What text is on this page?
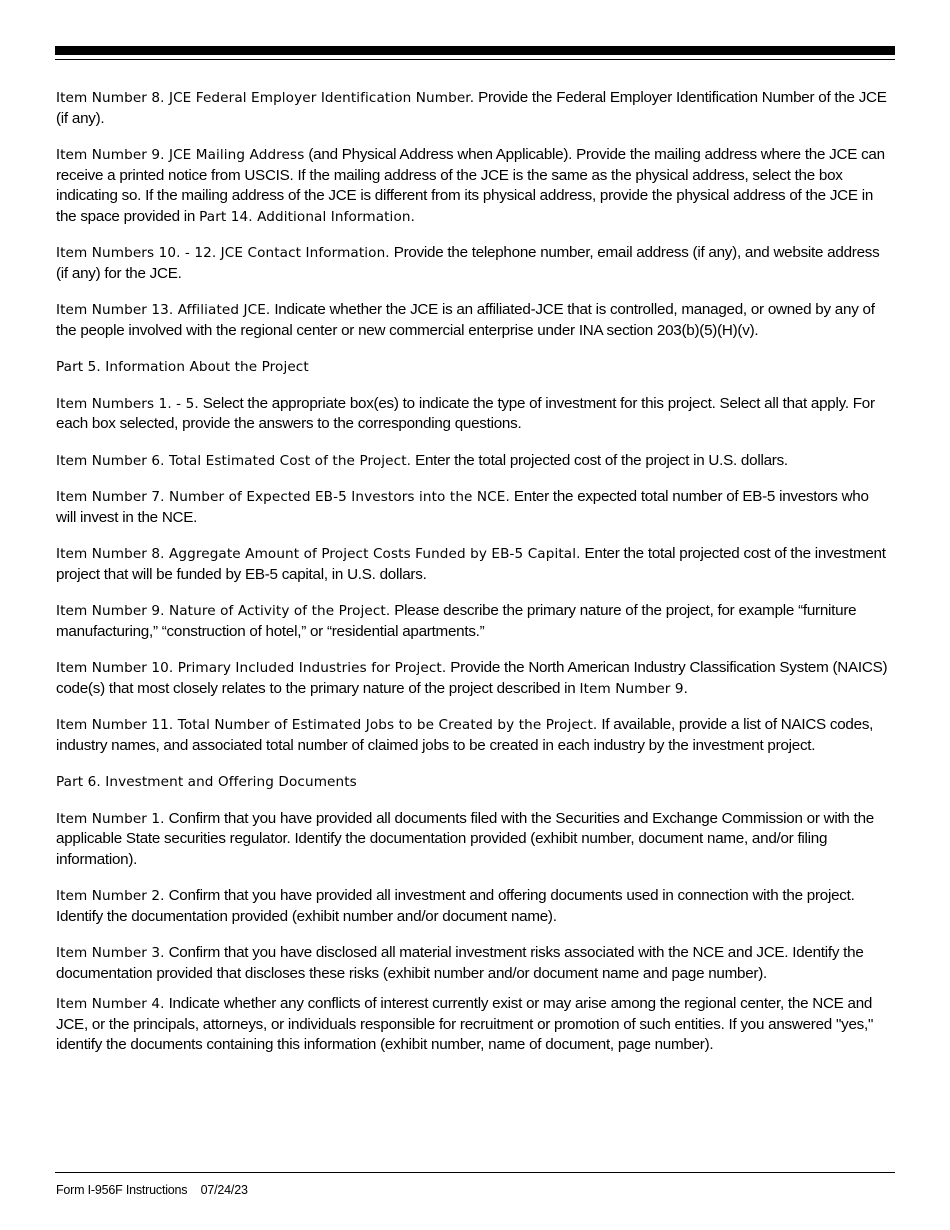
Item Number 8. JCE Federal Employer Identification Number. Provide the Federal Employer Identification Number of the JCE (if any).

Item Number 9. JCE Mailing Address (and Physical Address when Applicable). Provide the mailing address where the JCE can receive a printed notice from USCIS. If the mailing address of the JCE is the same as the physical address, select the box indicating so. If the mailing address of the JCE is different from its physical address, provide the physical address of the JCE in the space provided in Part 14. Additional Information.

Item Numbers 10. - 12. JCE Contact Information. Provide the telephone number, email address (if any), and website address (if any) for the JCE.

Item Number 13. Affiliated JCE. Indicate whether the JCE is an affiliated-JCE that is controlled, managed, or owned by any of the people involved with the regional center or new commercial enterprise under INA section 203(b)(5)(H)(v).

Part 5. Information About the Project

Item Numbers 1. - 5. Select the appropriate box(es) to indicate the type of investment for this project. Select all that apply. For each box selected, provide the answers to the corresponding questions.

Item Number 6. Total Estimated Cost of the Project. Enter the total projected cost of the project in U.S. dollars.

Item Number 7. Number of Expected EB-5 Investors into the NCE. Enter the expected total number of EB-5 investors who will invest in the NCE.

Item Number 8. Aggregate Amount of Project Costs Funded by EB-5 Capital. Enter the total projected cost of the investment project that will be funded by EB-5 capital, in U.S. dollars.

Item Number 9. Nature of Activity of the Project. Please describe the primary nature of the project, for example “furniture manufacturing,” “construction of hotel,” or “residential apartments.”

Item Number 10. Primary Included Industries for Project. Provide the North American Industry Classification System (NAICS) code(s) that most closely relates to the primary nature of the project described in Item Number 9.

Item Number 11. Total Number of Estimated Jobs to be Created by the Project. If available, provide a list of NAICS codes, industry names, and associated total number of claimed jobs to be created in each industry by the investment project.

Part 6. Investment and Offering Documents

Item Number 1. Confirm that you have provided all documents filed with the Securities and Exchange Commission or with the applicable State securities regulator. Identify the documentation provided (exhibit number, document name, and/or filing information).

Item Number 2. Confirm that you have provided all investment and offering documents used in connection with the project. Identify the documentation provided (exhibit number and/or document name).

Item Number 3. Confirm that you have disclosed all material investment risks associated with the NCE and JCE. Identify the documentation provided that discloses these risks (exhibit number and/or document name and page number).

Item Number 4. Indicate whether any conflicts of interest currently exist or may arise among the regional center, the NCE and JCE, or the principals, attorneys, or individuals responsible for recruitment or promotion of such entities. If you answered "yes," identify the documents containing this information (exhibit number, name of document, page number).

Form I-956F Instructions 07/24/23
